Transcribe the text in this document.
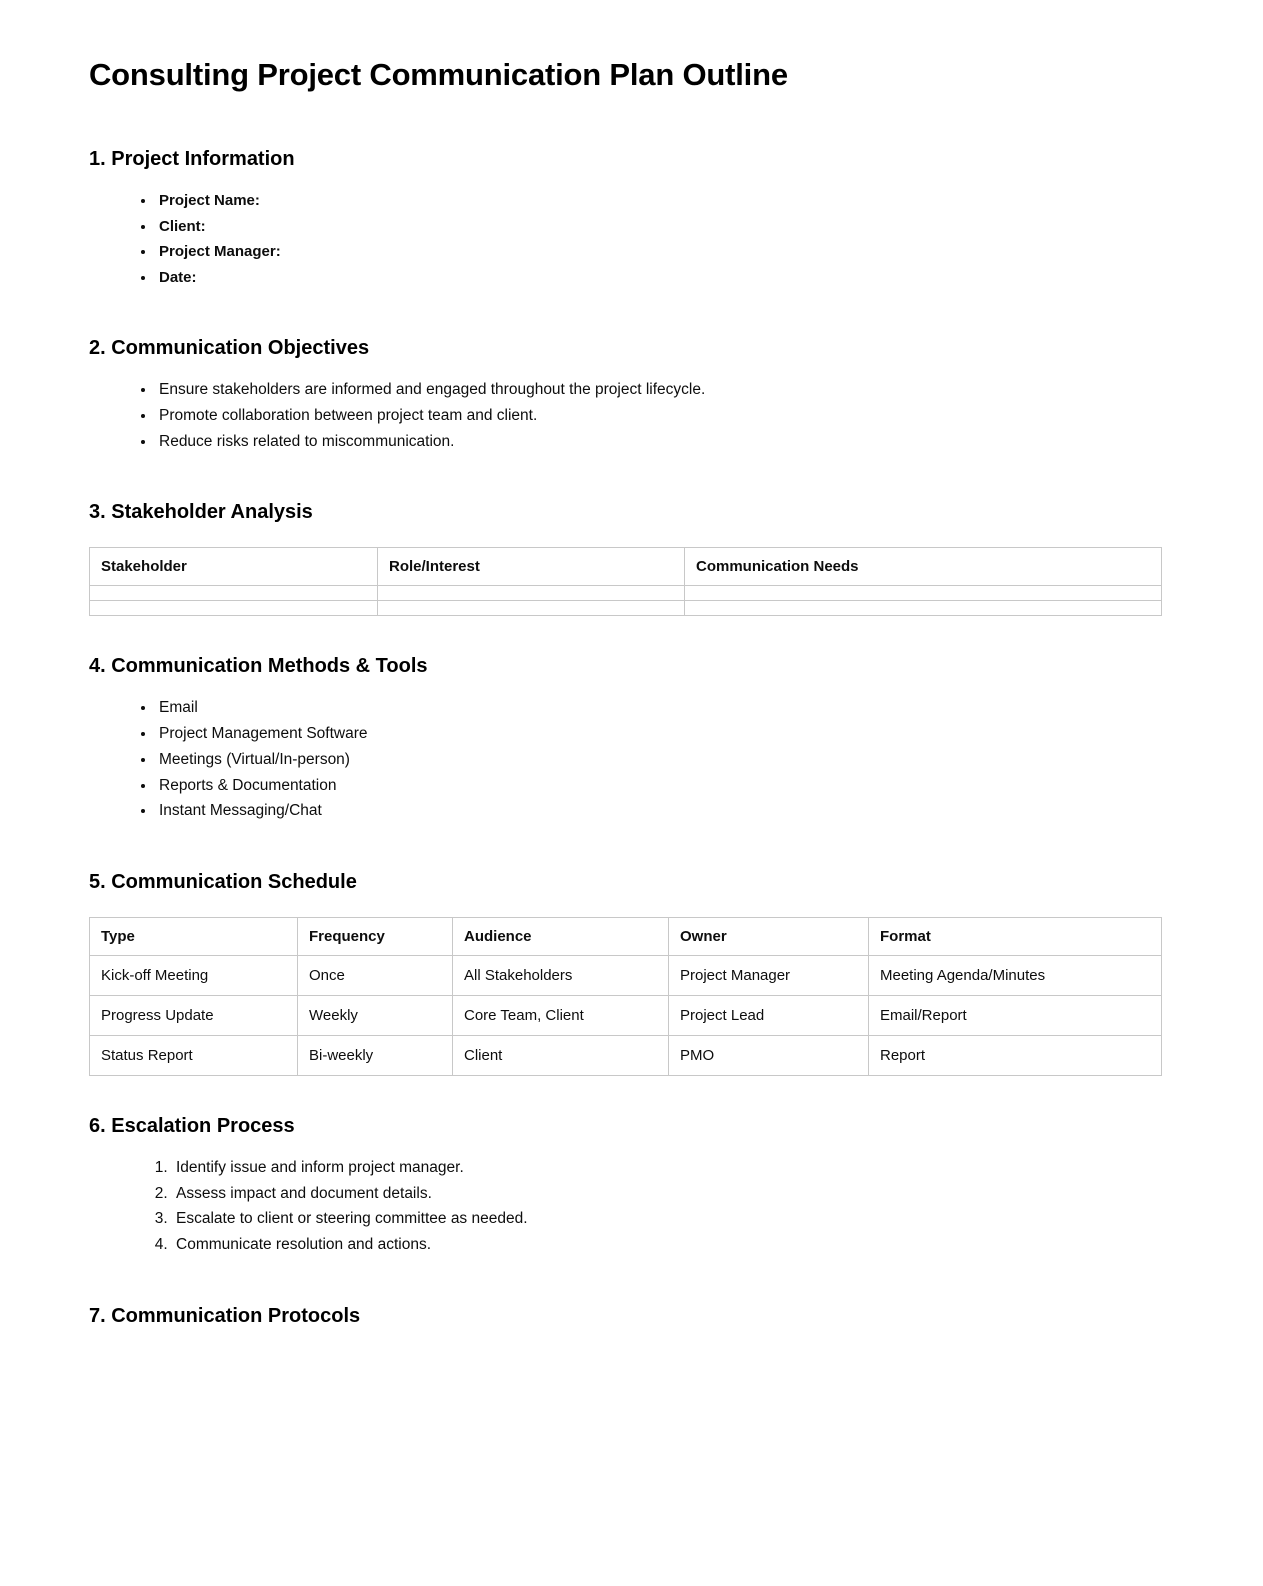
Consulting Project Communication Plan Outline
1. Project Information
• Project Name:
• Client:
• Project Manager:
• Date:
2. Communication Objectives
• Ensure stakeholders are informed and engaged throughout the project lifecycle.
• Promote collaboration between project team and client.
• Reduce risks related to miscommunication.
3. Stakeholder Analysis
Stakeholder	Role/Interest	Communication Needs

4. Communication Methods & Tools
• Email
• Project Management Software
• Meetings (Virtual/In-person)
• Reports & Documentation
• Instant Messaging/Chat
5. Communication Schedule
Type	Frequency	Audience	Owner	Format
Kick-off Meeting	Once	All Stakeholders	Project Manager	Meeting Agenda/Minutes
Progress Update	Weekly	Core Team, Client	Project Lead	Email/Report
Status Report	Bi-weekly	Client	PMO	Report
6. Escalation Process
1. Identify issue and inform project manager.
2. Assess impact and document details.
3. Escalate to client or steering committee as needed.
4. Communicate resolution and actions.
7. Communication Protocols
